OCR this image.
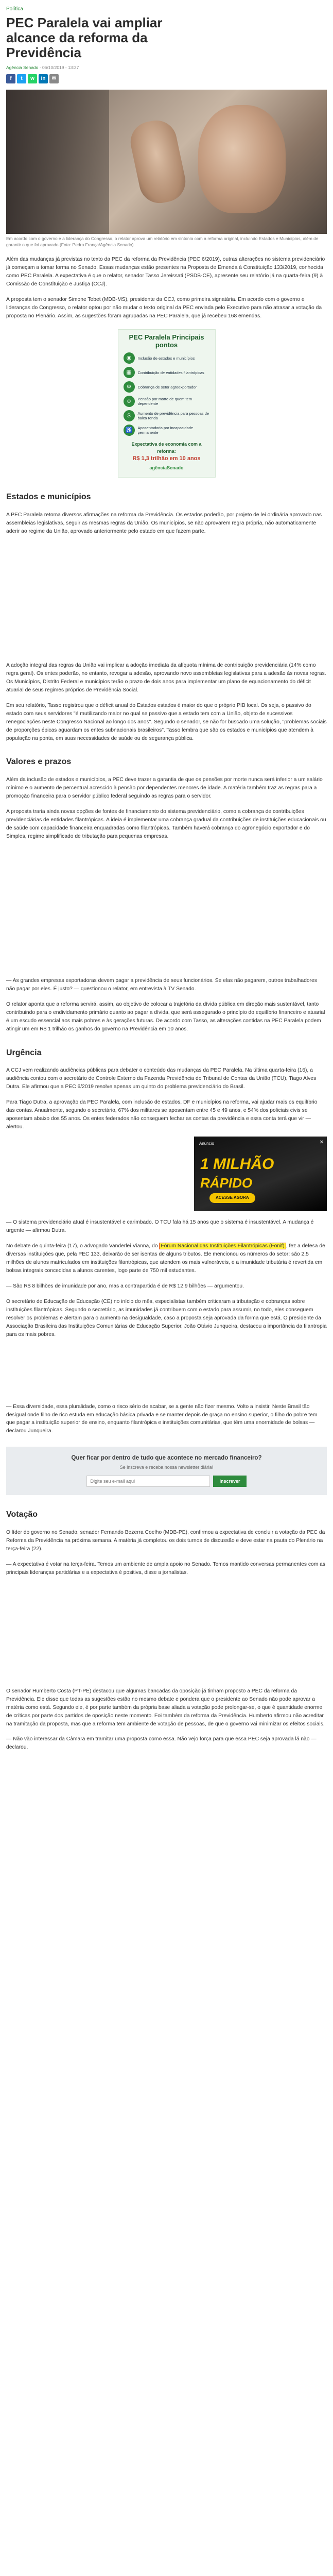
Política
PEC Paralela vai ampliar alcance da reforma da Previdência
Agência Senado · 06/10/2019 - 13:27
f	t	w	in	✉
Em acordo com o governo e a liderança do Congresso, o relator aprova um relatório em sintonia com a reforma original, incluindo Estados e Municípios, além de garantir o que foi aprovado (Foto: Pedro França/Agência Senado)

Além das mudanças já previstas no texto da PEC da reforma da Previdência (PEC 6/2019), outras alterações no sistema previdenciário já começam a tomar forma no Senado. Essas mudanças estão presentes na Proposta de Emenda à Constituição 133/2019, conhecida como PEC Paralela. A expectativa é que o relator, senador Tasso Jereissati (PSDB-CE), apresente seu relatório já na quarta-feira (9) à Comissão de Constituição e Justiça (CCJ).

A proposta tem o senador Simone Tebet (MDB-MS), presidente da CCJ, como primeira signatária. Em acordo com o governo e lideranças do Congresso, o relator optou por não mudar o texto original da PEC enviada pelo Executivo para não atrasar a votação da proposta no Plenário. Assim, as sugestões foram agrupadas na PEC Paralela, que já recebeu 168 emendas.

PEC Paralela Principais pontos
◉	Inclusão de estados e municípios
▦	Contribuição de entidades filantrópicas
⚙	Cobrança de setor agroexportador
☺	Pensão por morte de quem tem dependente
$	Aumento de previdência para pessoas de baixa renda
♿	Aposentadoria por incapacidade permanente
Expectativa de economia com a reforma:
R$ 1,3 trilhão em 10 anos
agênciaSenado
Estados e municípios

A PEC Paralela retoma diversos afirmações na reforma da Previdência. Os estados poderão, por projeto de lei ordinária aprovado nas assembleias legislativas, seguir as mesmas regras da União. Os municípios, se não aprovarem regra própria, não automaticamente aderir ao regime da União, aprovado anteriormente pelo estado em que fazem parte.

A adoção integral das regras da União vai implicar a adoção imediata da alíquota mínima de contribuição previdenciária (14% como regra geral). Os entes poderão, no entanto, revogar a adesão, aprovando novo assembleias legislativas para a adesão às novas regras. Os Municípios, Distrito Federal e municípios terão o prazo de dois anos para implementar um plano de equacionamento do déficit atuarial de seus regimes próprios de Previdência Social.

Em seu relatório, Tasso registrou que o déficit anual do Estados estados é maior do que o próprio PIB local. Os seja, o passivo do estado com seus servidores "é mutilizando maior no qual se passivo que a estado tem com a União, objeto de sucessivos renegociações neste Congresso Nacional ao longo dos anos". Segundo o senador, se não for buscado uma solução, "problemas sociais de proporções épicas aguardam os entes subnacionais brasileiros". Tasso lembra que são os estados e municípios que atendem à população na ponta, em suas necessidades de saúde ou de segurança pública.

Valores e prazos

Além da inclusão de estados e municípios, a PEC deve trazer a garantia de que os pensões por morte nunca será inferior a um salário mínimo e o aumento de percentual acrescido à pensão por dependentes menores de idade. A matéria também traz as regras para a promoção financeira para o servidor público federal seguindo as regras para o servidor.

A proposta traria ainda novas opções de fontes de financiamento do sistema previdenciário, como a cobrança de contribuições previdenciárias de entidades filantrópicas. A ideia é implementar uma cobrança gradual da contribuições de instituições educacionais ou de saúde com capacidade financeira enquadradas como filantrópicas. Também haverá cobrança do agronegócio exportador e do Simples, regime simplificado de tributação para pequenas empresas.

— As grandes empresas exportadoras devem pagar a previdência de seus funcionários. Se elas não pagarem, outros trabalhadores não pagar por eles. É justo? — questionou o relator, em entrevista à TV Senado.

O relator aponta que a reforma servirá, assim, ao objetivo de colocar a trajetória da dívida pública em direção mais sustentável, tanto contribuindo para o endividamento primário quanto ao pagar a dívida, que será assegurado o princípio do equilíbrio financeiro e atuarial é um escudo essencial aos mais pobres e às gerações futuras. De acordo com Tasso, as alterações contidas na PEC Paralela podem atingir um em R$ 1 trilhão os ganhos do governo na Previdência em 10 anos.

Urgência

A CCJ vem realizando audiências públicas para debater o conteúdo das mudanças da PEC Paralela. Na última quarta-feira (16), a audiência contou com o secretário de Controle Externo da Fazenda Previdência do Tribunal de Contas da União (TCU), Tiago Alves Dutra. Ele afirmou que a PEC 6/2019 resolve apenas um quinto do problema previdenciário do Brasil.

Para Tiago Dutra, a aprovação da PEC Paralela, com inclusão de estados, DF e municípios na reforma, vai ajudar mais os equilíbrio das contas. Anualmente, segundo o secretário, 67% dos militares se aposentam entre 45 e 49 anos, e 54% dos policiais civis se aposentam abaixo dos 55 anos. Os entes federados não conseguem fechar as contas da previdência e essa conta terá que vir — alertou.

Anúncio	✕
1 MILHÃO
RÁPIDO
ACESSE AGORA

— O sistema previdenciário atual é insustentável e carimbado. O TCU fala há 15 anos que o sistema é insustentável. A mudança é urgente — afirmou Dutra.

No debate de quinta-feira (17), o advogado Vanderlei Vianna, do Fórum Nacional das Instituições Filantrópicas (Fonif) , fez a defesa de diversas instituições que, pela PEC 133, deixarão de ser isentas de alguns tributos. Ele mencionou os números do setor: são 2,5 milhões de alunos matriculados em instituições filantrópicas, que atendem os mais vulneráveis, e a imunidade tributária é revertida em bolsas integrais concedidas a alunos carentes, logo parte de 750 mil estudantes.

— São R$ 8 bilhões de imunidade por ano, mas a contrapartida é de R$ 12,9 bilhões — argumentou.

O secretário de Educação de Educação (CE) no início do mês, especialistas também criticaram a tributação e cobranças sobre instituições filantrópicas. Segundo o secretário, as imunidades já contribuem com o estado para assumir, no todo, eles conseguem resolver os problemas e alertam para o aumento na desigualdade, caso a proposta seja aprovada da forma que está. O presidente da Associação Brasileira das Instituições Comunitárias de Educação Superior, João Otávio Junqueira, destacou a importância da filantropia para os mais pobres.

— Essa diversidade, essa pluralidade, como o risco sério de acabar, se a gente não fizer mesmo. Volto a insistir. Neste Brasil tão desigual onde filho de rico estuda em educação básica privada e se manter depois de graça no ensino superior, o filho do pobre tem que pagar a instituição superior de ensino, enquanto filantrópica e instituições comunitárias, que têm uma enormidade de bolsas — declarou Junqueira.

Quer ficar por dentro de tudo que acontece no mercado financeiro?
Se inscreva e receba nossa newsletter diária!
Digite seu e-mail aqui
Inscrever
Votação

O líder do governo no Senado, senador Fernando Bezerra Coelho (MDB-PE), confirmou a expectativa de concluir a votação da PEC da Reforma da Previdência na próxima semana. A matéria já completou os dois turnos de discussão e deve estar na pauta do Plenário na terça-feira (22).

— A expectativa é votar na terça-feira. Temos um ambiente de ampla apoio no Senado. Temos mantido conversas permanentes com as principais lideranças partidárias e a expectativa é positiva, disse a jornalistas.

O senador Humberto Costa (PT-PE) destacou que algumas bancadas da oposição já tinham proposto a PEC da reforma da Previdência. Ele disse que todas as sugestões estão no mesmo debate e pondera que o presidente ao Senado não pode aprovar a matéria como está. Segundo ele, é por parte também da própria base aliada a votação pode prolongar-se, o que é quantidade enorme de críticas por parte dos partidos de oposição neste momento. Foi também da reforma da Previdência. Humberto afirmou não acreditar na tramitação da proposta, mas que a reforma tem ambiente de votação de pessoas, de que o governo vai minimizar os efeitos sociais.

— Não vão interessar da Câmara em tramitar uma proposta como essa. Não vejo força para que essa PEC seja aprovada lá não — declarou.
